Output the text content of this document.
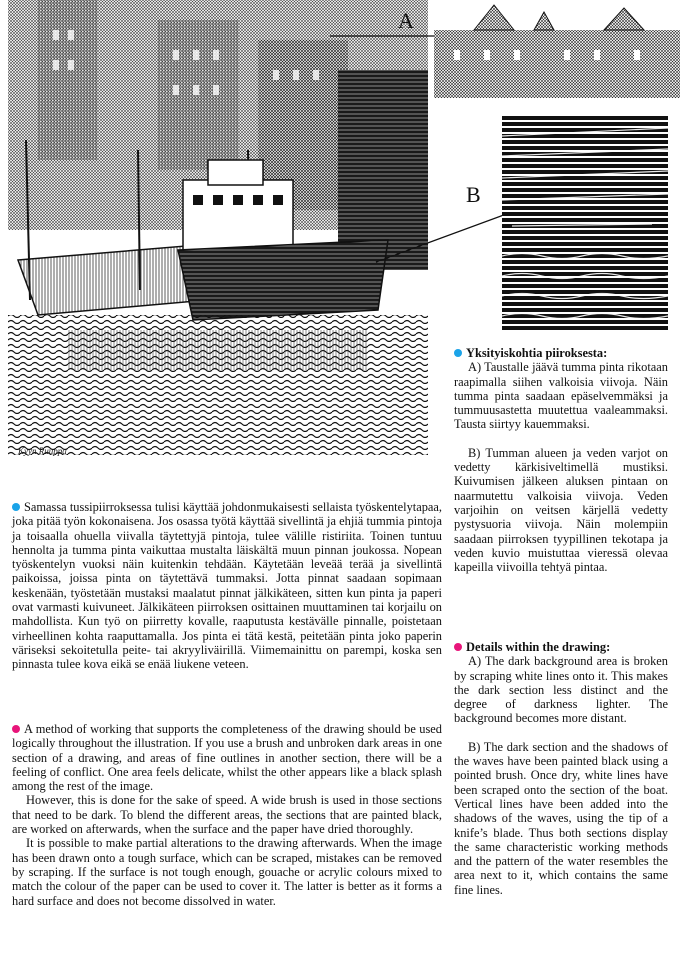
Kyyn Ruuppa
A
B

Yksityiskohtia piiroksesta:

A) Taustalle jäävä tumma pinta rikotaan raapimalla siihen valkoisia viivoja. Näin tumma pinta saadaan epäselvemmäksi ja tummuusastetta muutettua vaaleammaksi. Tausta siirtyy kauemmaksi.

B) Tumman alueen ja veden varjot on vedetty kärkisiveltimellä mustiksi. Kuivumisen jälkeen aluksen pintaan on naarmutettu valkoisia viivoja. Veden varjoihin on veitsen kärjellä vedetty pystysuoria viivoja. Näin molempiin saadaan piirroksen tyypillinen tekotapa ja veden kuvio muistuttaa vieressä olevaa kapeilla viivoilla tehtyä pintaa.

Details within the drawing:

A) The dark background area is broken by scraping white lines onto it. This makes the dark section less distinct and the degree of darkness lighter. The background becomes more distant.

B) The dark section and the shadows of the waves have been painted black using a pointed brush. Once dry, white lines have been scraped onto the section of the boat. Vertical lines have been added into the shadows of the waves, using the tip of a knife’s blade. Thus both sections display the same characteristic working methods and the pattern of the water resembles the area next to it, which contains the same fine lines.

Samassa tussipiirroksessa tulisi käyttää johdonmukaisesti sellaista työskentelytapaa, joka pitää työn kokonaisena. Jos osassa työtä käyttää sivellintä ja ehjiä tummia pintoja ja toisaalla ohuella viivalla täytettyjä pintoja, tulee välille ristiriita. Toinen tuntuu hennolta ja tumma pinta vaikuttaa mustalta läiskältä muun pinnan joukossa. Nopean työskentelyn vuoksi näin kuitenkin tehdään. Käytetään leveää terää ja sivellintä paikoissa, joissa pinta on täytettävä tummaksi. Jotta pinnat saadaan sopimaan keskenään, työstetään mustaksi maalatut pinnat jälkikäteen, sitten kun pinta ja paperi ovat varmasti kuivuneet. Jälkikäteen piirroksen osittainen muuttaminen tai korjailu on mahdollista. Kun työ on piirretty kovalle, raaputusta kestävälle pinnalle, poistetaan virheellinen kohta raaputtamalla. Jos pinta ei tätä kestä, peitetään pinta joko paperin väriseksi sekoitetulla peite- tai akryyliväirillä. Viimemainittu on parempi, koska sen pinnasta tulee kova eikä se enää liukene veteen.

A method of working that supports the completeness of the drawing should be used logically throughout the illustration. If you use a brush and unbroken dark areas in one section of a drawing, and areas of fine outlines in another section, there will be a feeling of conflict. One area feels delicate, whilst the other appears like a black splash among the rest of the image.

However, this is done for the sake of speed. A wide brush is used in those sections that need to be dark. To blend the different areas, the sections that are painted black, are worked on afterwards, when the surface and the paper have dried thoroughly.

It is possible to make partial alterations to the drawing afterwards. When the image has been drawn onto a tough surface, which can be scraped, mistakes can be removed by scraping. If the surface is not tough enough, gouache or acrylic colours mixed to match the colour of the paper can be used to cover it. The latter is better as it forms a hard surface and does not become dissolved in water.
